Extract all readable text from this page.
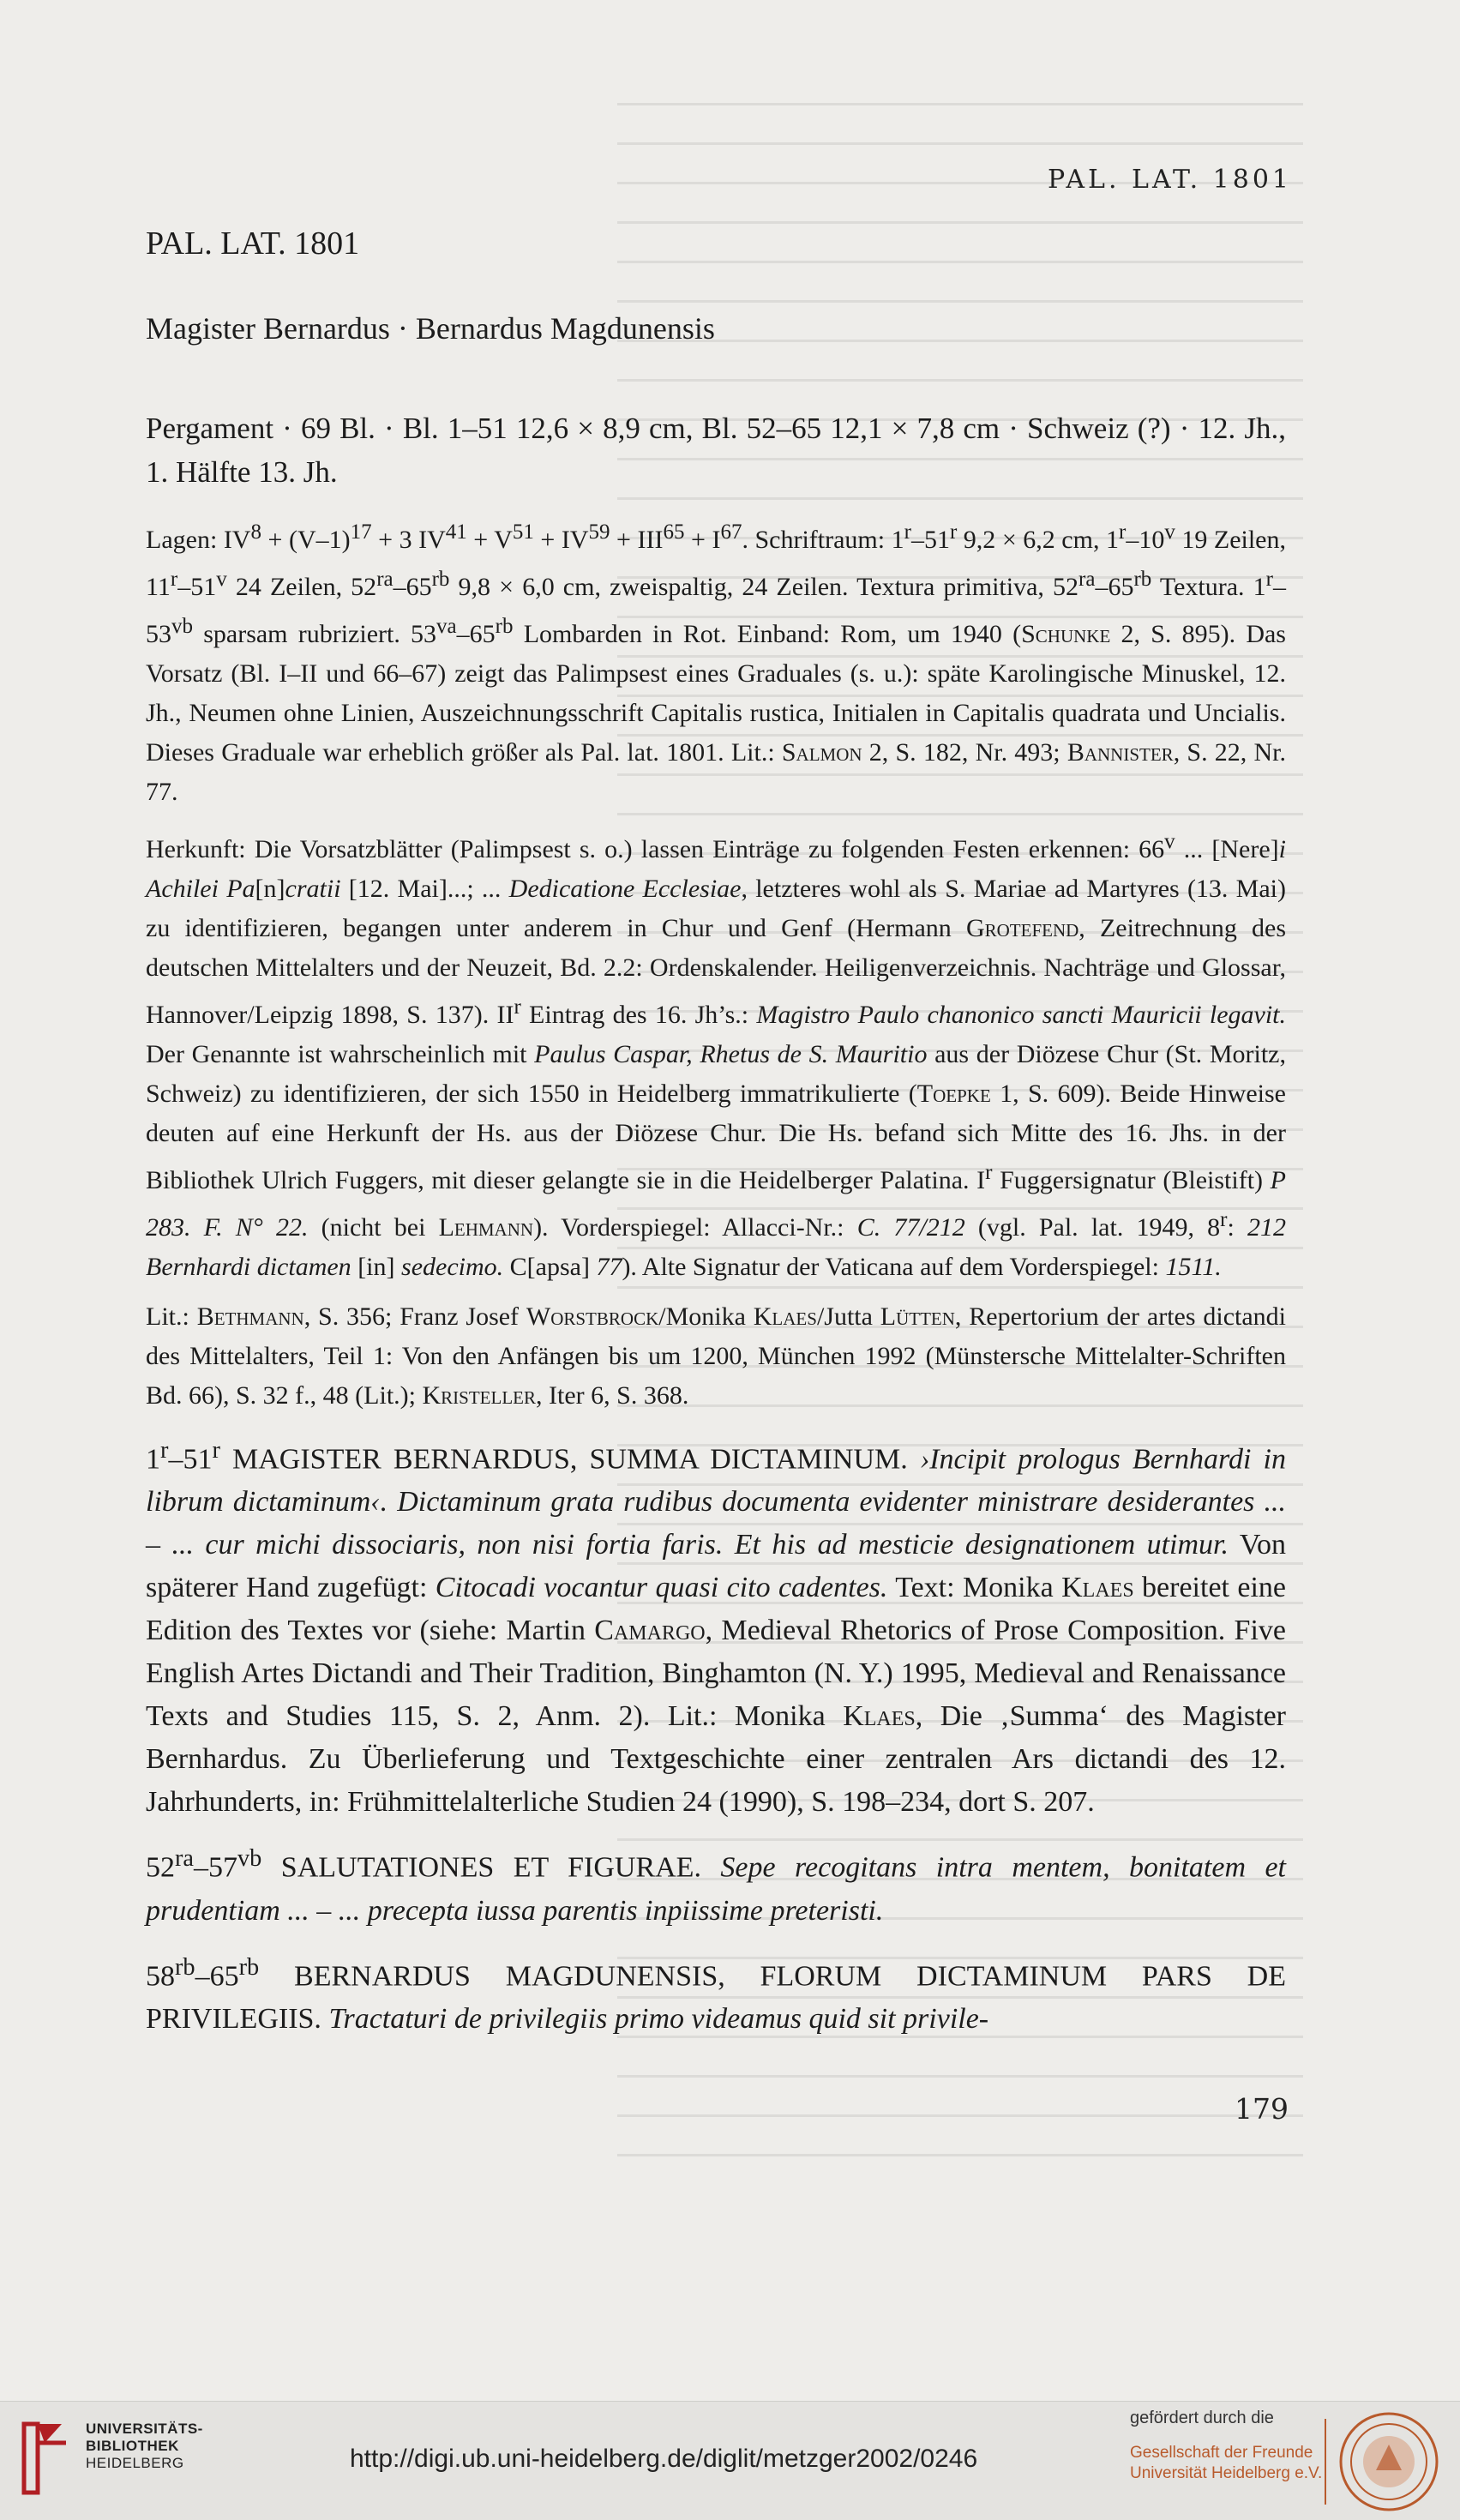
PAL. LAT. 1801
PAL. LAT. 1801
Magister Bernardus · Bernardus Magdunensis
Pergament · 69 Bl. · Bl. 1–51 12,6 × 8,9 cm, Bl. 52–65 12,1 × 7,8 cm · Schweiz (?) · 12. Jh., 1. Hälfte 13. Jh.

Lagen: $IV^8 + (V-1)^{17} + 3$ $IV^{41} + V^{51} + IV^{59} + III^{65} + I^{67}$. Schriftraum: 1$^r$–51$^r$ 9,2 × 6,2 cm, 1$^r$–10$^v$ 19 Zeilen, 11$^r$–51$^v$ 24 Zeilen, $52^{ra}-65^{rb}$ 9,8 × 6,0 cm, zweispaltig, 24 Zeilen. Textura primitiva, $52^{ra}-65^{rb}$ Textura. $1^r-53^{vb}$ sparsam rubriziert. $53^{va}-65^{rb}$ Lombarden in Rot. Einband: Rom, um 1940 (Schunke 2, S. 895). Das Vorsatz (Bl. I–II und 66–67) zeigt das Palimpsest eines Graduales (s. u.): späte Karolingische Minuskel, 12. Jh., Neumen ohne Linien, Auszeichnungsschrift Capitalis rustica, Initialen in Capitalis quadrata und Uncialis. Dieses Graduale war erheblich größer als Pal. lat. 1801. Lit.: Salmon 2, S. 182, Nr. 493; Bannister, S. 22, Nr. 77.

Herkunft: Die Vorsatzblätter (Palimpsest s. o.) lassen Einträge zu folgenden Festen erkennen: 66$^v$ ... [Nere]i Achilei Pa[n]cratii [12. Mai]...; ... Dedicatione Ecclesiae, letzteres wohl als S. Mariae ad Martyres (13. Mai) zu identifizieren, begangen unter anderem in Chur und Genf (Hermann Grotefend, Zeitrechnung des deutschen Mittelalters und der Neuzeit, Bd. 2.2: Ordenskalender. Heiligenverzeichnis. Nachträge und Glossar, Hannover/Leipzig 1898, S. 137). $II^r$ Eintrag des 16. Jh’s.: Magistro Paulo chanonico sancti Mauricii legavit. Der Genannte ist wahrscheinlich mit Paulus Caspar, Rhetus de S. Mauritio aus der Diözese Chur (St. Moritz, Schweiz) zu identifizieren, der sich 1550 in Heidelberg immatrikulierte (Toepke 1, S. 609). Beide Hinweise deuten auf eine Herkunft der Hs. aus der Diözese Chur. Die Hs. befand sich Mitte des 16. Jhs. in der Bibliothek Ulrich Fuggers, mit dieser gelangte sie in die Heidelberger Palatina. $I^r$ Fuggersignatur (Bleistift) P 283. F. N° 22. (nicht bei Lehmann). Vorderspiegel: Allacci-Nr.: C. 77/212 (vgl. Pal. lat. 1949, 8$^r$: 212 Bernhardi dictamen [in] sedecimo. C[apsa] 77). Alte Signatur der Vaticana auf dem Vorderspiegel: 1511.

Lit.: Bethmann, S. 356; Franz Josef Worstbrock/Monika Klaes/Jutta Lütten, Repertorium der artes dictandi des Mittelalters, Teil 1: Von den Anfängen bis um 1200, München 1992 (Münstersche Mittelalter-Schriften Bd. 66), S. 32 f., 48 (Lit.); Kristeller, Iter 6, S. 368.

1$^r$–51$^r$ MAGISTER BERNARDUS, SUMMA DICTAMINUM. ›Incipit prologus Bernhardi in librum dictaminum‹. Dictaminum grata rudibus documenta evidenter ministrare desiderantes ... – ... cur michi dissociaris, non nisi fortia faris. Et his ad mesticie designationem utimur. Von späterer Hand zugefügt: Citocadi vocantur quasi cito cadentes. Text: Monika Klaes bereitet eine Edition des Textes vor (siehe: Martin Camargo, Medieval Rhetorics of Prose Composition. Five English Artes Dictandi and Their Tradition, Binghamton (N. Y.) 1995, Medieval and Renaissance Texts and Studies 115, S. 2, Anm. 2). Lit.: Monika Klaes, Die ‚Summa‘ des Magister Bernhardus. Zu Überlieferung und Textgeschichte einer zentralen Ars dictandi des 12. Jahrhunderts, in: Frühmittelalterliche Studien 24 (1990), S. 198–234, dort S. 207.

$52^{ra}-57^{vb}$ SALUTATIONES ET FIGURAE. Sepe recogitans intra mentem, bonitatem et prudentiam ... – ... precepta iussa parentis inpiissime preteristi.

$58^{rb}-65^{rb}$ BERNARDUS MAGDUNENSIS, FLORUM DICTAMINUM PARS DE PRIVILEGIIS. Tractaturi de privilegiis primo videamus quid sit privile-

179
UNIVERSITÄTS-
BIBLIOTHEK
HEIDELBERG	http://digi.ub.uni-heidelberg.de/diglit/metzger2002/0246
gefördert durch die
Gesellschaft der Freunde
Universität Heidelberg e.V.
